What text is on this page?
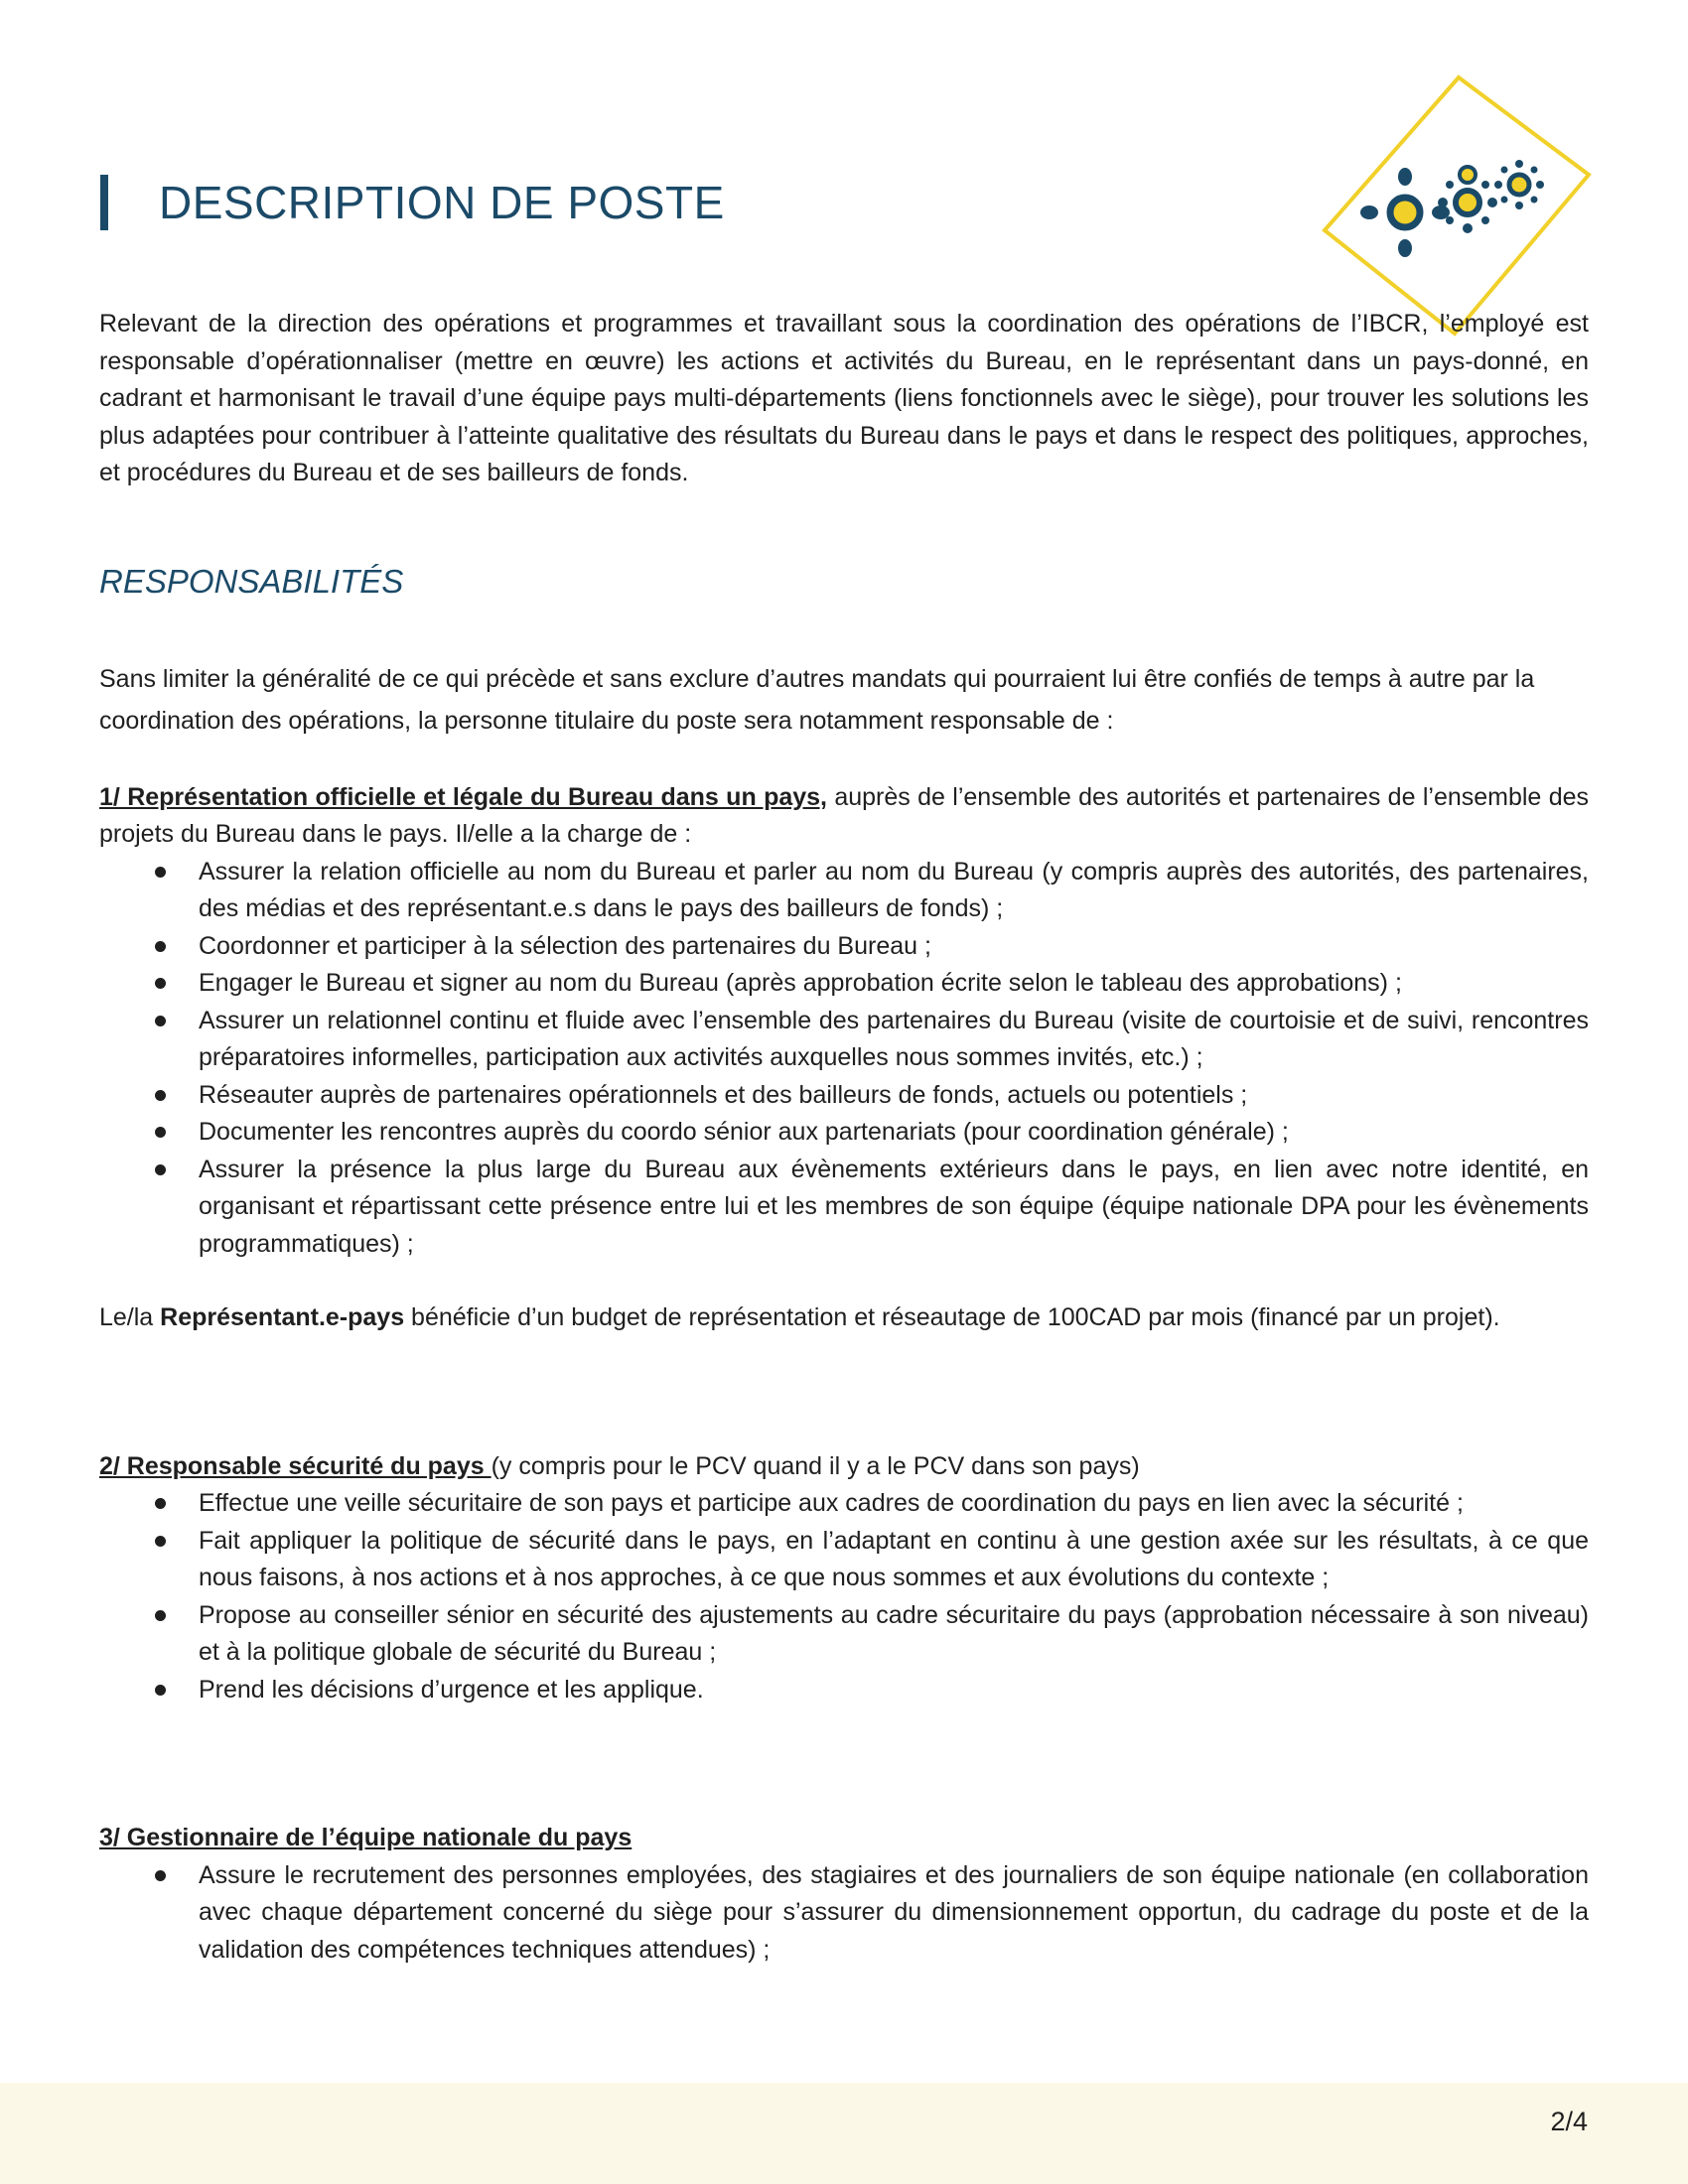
DESCRIPTION DE POSTE

Relevant de la direction des opérations et programmes et travaillant sous la coordination des opérations de l’IBCR, l’employé est responsable d’opérationnaliser (mettre en œuvre) les actions et activités du Bureau, en le représentant dans un pays-donné, en cadrant et harmonisant le travail d’une équipe pays multi-départements (liens fonctionnels avec le siège), pour trouver les solutions les plus adaptées pour contribuer à l’atteinte qualitative des résultats du Bureau dans le pays et dans le respect des politiques, approches, et procédures du Bureau et de ses bailleurs de fonds.

RESPONSABILITÉS

Sans limiter la généralité de ce qui précède et sans exclure d’autres mandats qui pourraient lui être confiés de temps à autre par la coordination des opérations, la personne titulaire du poste sera notamment responsable de :

1/ Représentation officielle et légale du Bureau dans un pays, auprès de l’ensemble des autorités et partenaires de l’ensemble des projets du Bureau dans le pays. Il/elle a la charge de :

Assurer la relation officielle au nom du Bureau et parler au nom du Bureau (y compris auprès des autorités, des partenaires, des médias et des représentant.e.s dans le pays des bailleurs de fonds) ;
Coordonner et participer à la sélection des partenaires du Bureau ;
Engager le Bureau et signer au nom du Bureau (après approbation écrite selon le tableau des approbations) ;
Assurer un relationnel continu et fluide avec l’ensemble des partenaires du Bureau (visite de courtoisie et de suivi, rencontres préparatoires informelles, participation aux activités auxquelles nous sommes invités, etc.) ;
Réseauter auprès de partenaires opérationnels et des bailleurs de fonds, actuels ou potentiels ;
Documenter les rencontres auprès du coordo sénior aux partenariats (pour coordination générale) ;
Assurer la présence la plus large du Bureau aux évènements extérieurs dans le pays, en lien avec notre identité, en organisant et répartissant cette présence entre lui et les membres de son équipe (équipe nationale DPA pour les évènements programmatiques) ;

Le/la Représentant.e-pays bénéficie d’un budget de représentation et réseautage de 100CAD par mois (financé par un projet).

2/ Responsable sécurité du pays (y compris pour le PCV quand il y a le PCV dans son pays)

Effectue une veille sécuritaire de son pays et participe aux cadres de coordination du pays en lien avec la sécurité ;
Fait appliquer la politique de sécurité dans le pays, en l’adaptant en continu à une gestion axée sur les résultats, à ce que nous faisons, à nos actions et à nos approches, à ce que nous sommes et aux évolutions du contexte ;
Propose au conseiller sénior en sécurité des ajustements au cadre sécuritaire du pays (approbation nécessaire à son niveau) et à la politique globale de sécurité du Bureau ;
Prend les décisions d’urgence et les applique.

3/ Gestionnaire de l’équipe nationale du pays

Assure le recrutement des personnes employées, des stagiaires et des journaliers de son équipe nationale (en collaboration avec chaque département concerné du siège pour s’assurer du dimensionnement opportun, du cadrage du poste et de la validation des compétences techniques attendues) ;
2/4
